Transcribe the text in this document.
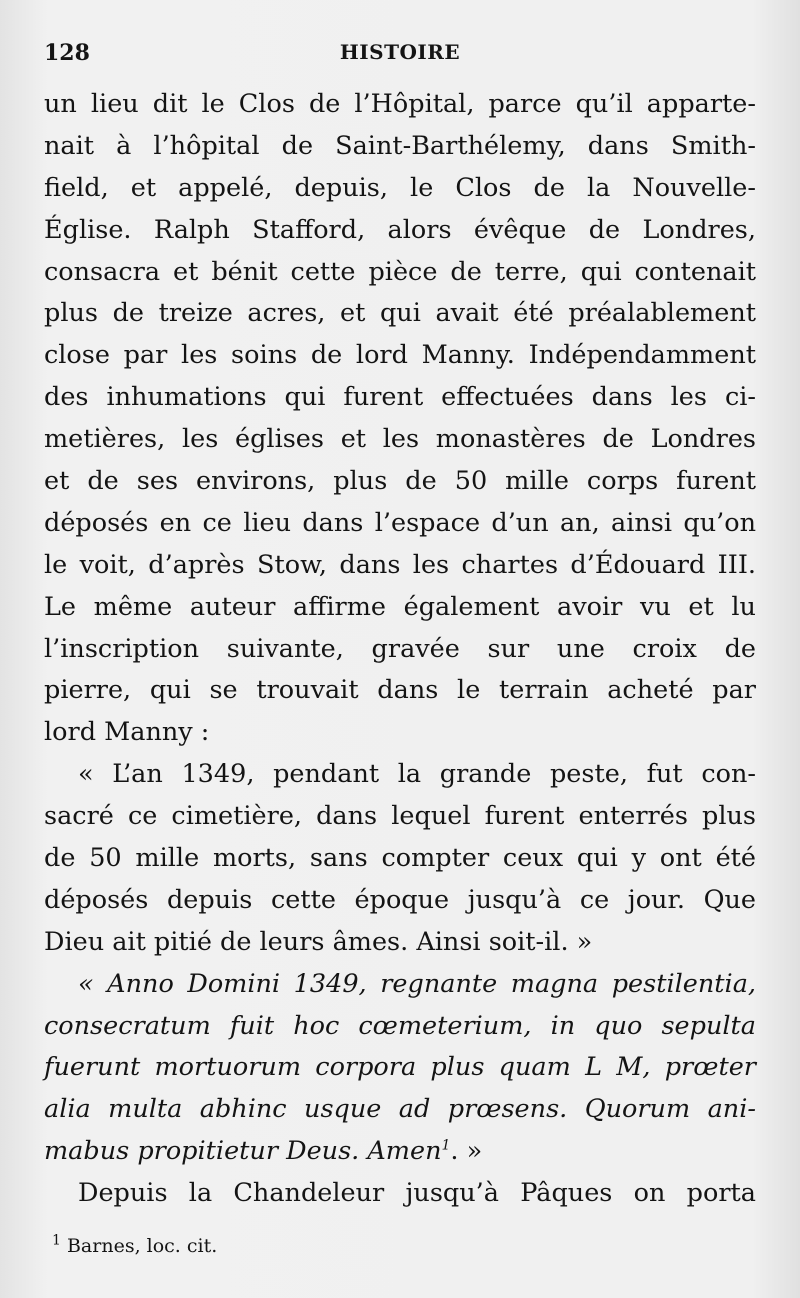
128	HISTOIRE
un lieu dit le Clos de l’Hôpital, parce qu’il apparte-
nait à l’hôpital de Saint-Barthélemy, dans Smith-
field, et appelé, depuis, le Clos de la Nouvelle-
Église. Ralph Stafford, alors évêque de Londres,
consacra et bénit cette pièce de terre, qui contenait
plus de treize acres, et qui avait été préalablement
close par les soins de lord Manny. Indépendamment
des inhumations qui furent effectuées dans les ci-
metières, les églises et les monastères de Londres
et de ses environs, plus de 50 mille corps furent
déposés en ce lieu dans l’espace d’un an, ainsi qu’on
le voit, d’après Stow, dans les chartes d’Édouard III.
Le même auteur affirme également avoir vu et lu
l’inscription suivante, gravée sur une croix de
pierre, qui se trouvait dans le terrain acheté par
lord Manny :
« L’an 1349, pendant la grande peste, fut con-
sacré ce cimetière, dans lequel furent enterrés plus
de 50 mille morts, sans compter ceux qui y ont été
déposés depuis cette époque jusqu’à ce jour. Que
Dieu ait pitié de leurs âmes. Ainsi soit-il. »
« Anno Domini 1349, regnante magna pestilentia,
consecratum fuit hoc cœmeterium, in quo sepulta
fuerunt mortuorum corpora plus quam L M, prœter
alia multa abhinc usque ad prœsens. Quorum ani-
mabus propitietur Deus. Amen$^1$. »
Depuis la Chandeleur jusqu’à Pâques on porta
$^1$ Barnes, loc. cit.
